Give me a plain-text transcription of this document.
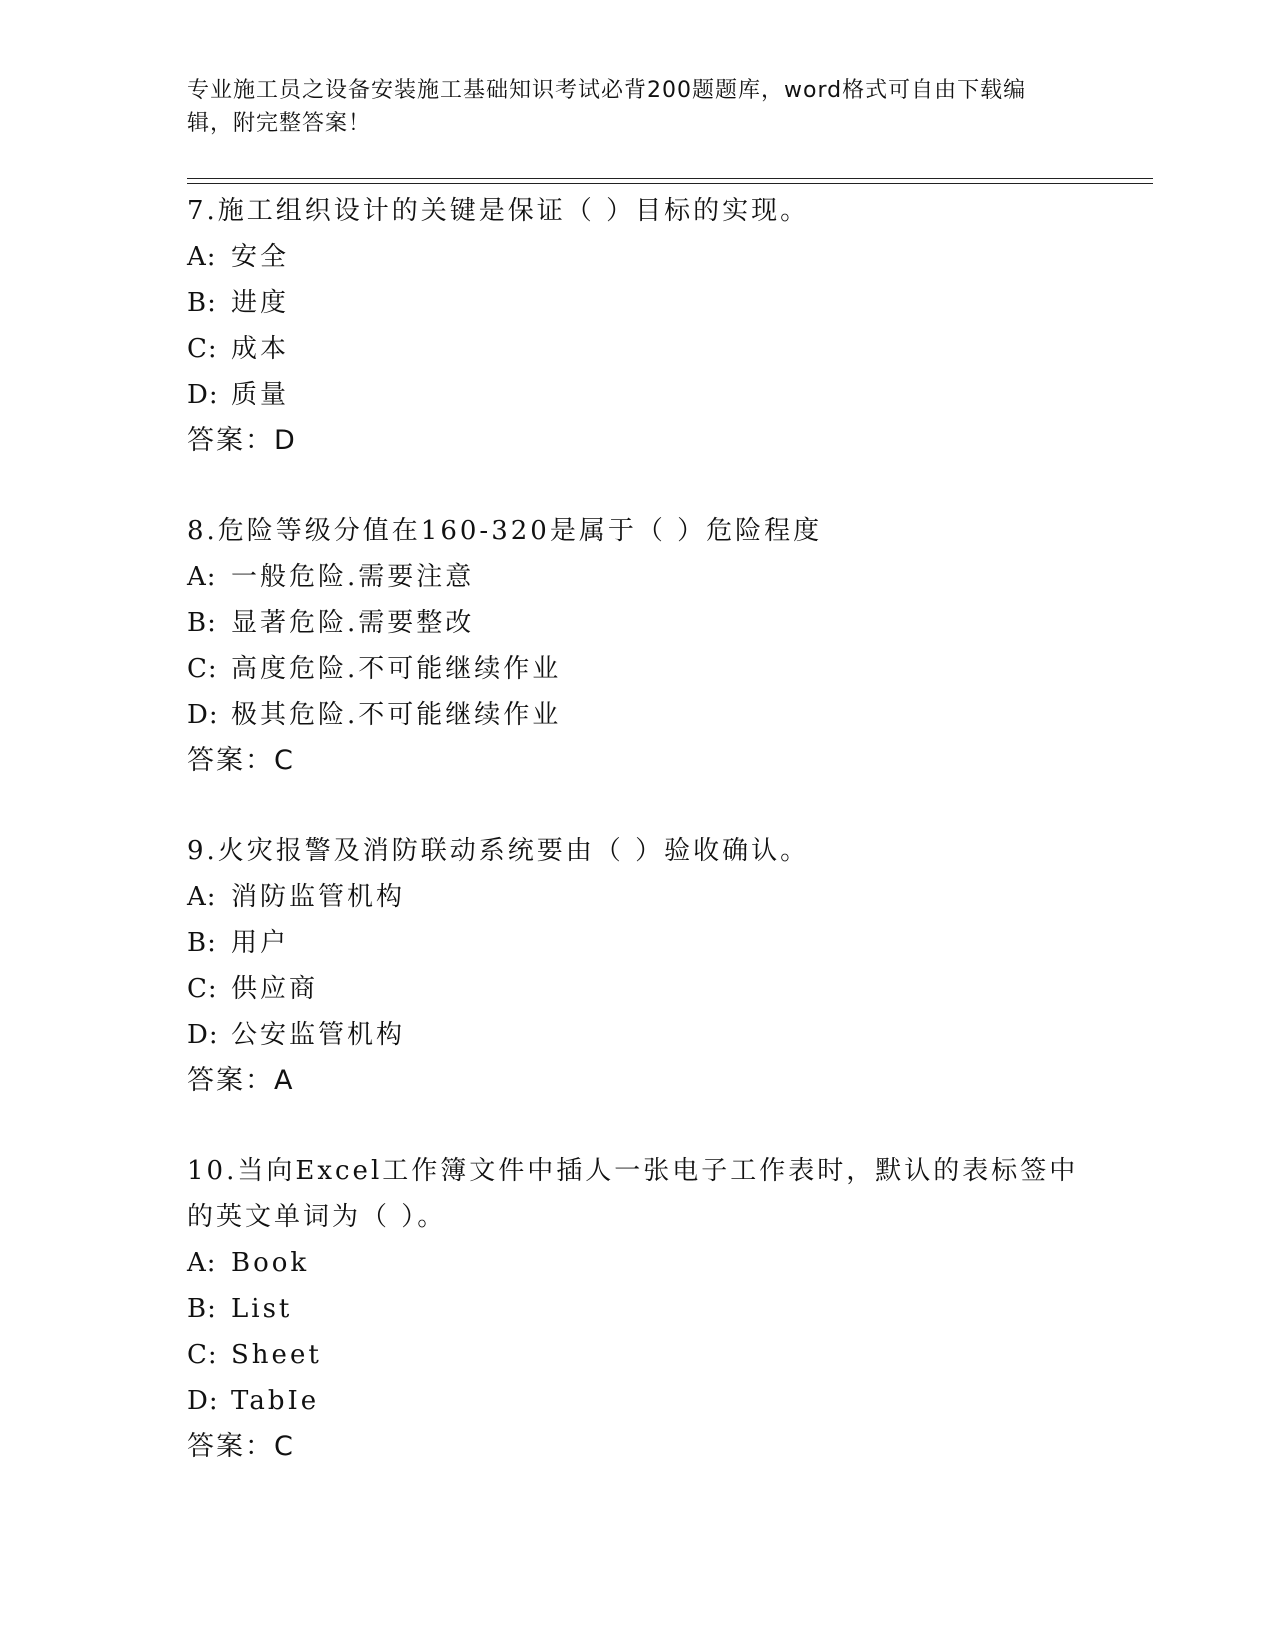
专业施工员之设备安装施工基础知识考试必背200题题库，word格式可自由下载编辑，附完整答案！

7.施工组织设计的关键是保证（ ）目标的实现。

A: 安全

B: 进度

C: 成本

D: 质量

答案：D

8.危险等级分值在160-320是属于（ ）危险程度

A: 一般危险.需要注意

B: 显著危险.需要整改

C: 高度危险.不可能继续作业

D: 极其危险.不可能继续作业

答案：C

9.火灾报警及消防联动系统要由（ ）验收确认。

A: 消防监管机构

B: 用户

C: 供应商

D: 公安监管机构

答案：A

10.当向Excel工作簿文件中插人一张电子工作表时，默认的表标签中的英文单词为（ ）。

A: Book

B: List

C: Sheet

D: TabIe

答案：C
